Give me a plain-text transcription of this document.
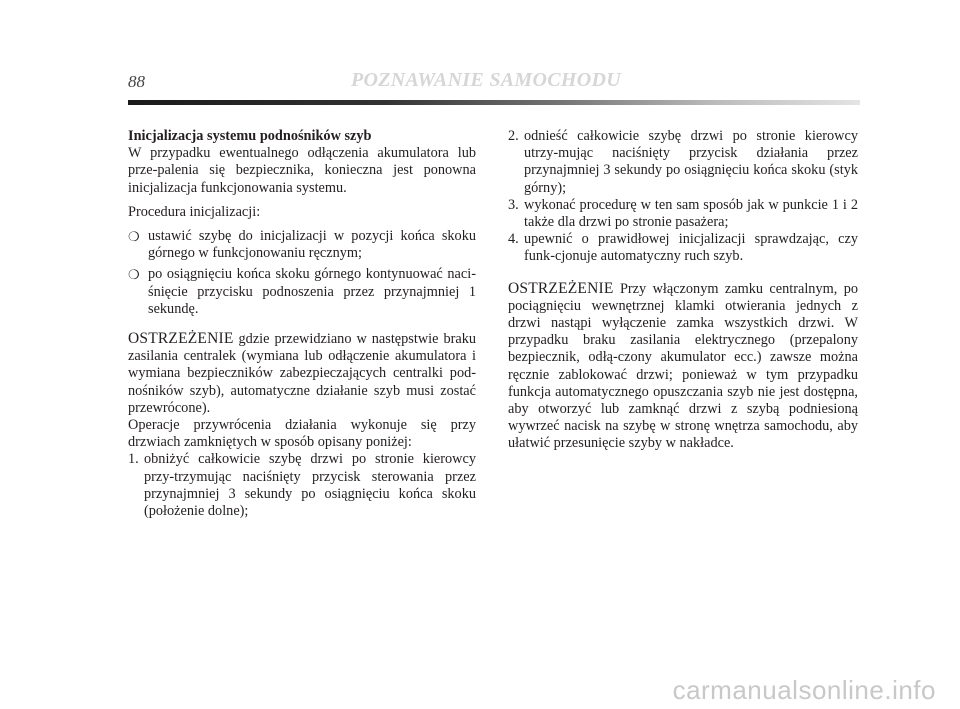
88	POZNAWANIE SAMOCHODU

Inicjalizacja systemu podnośników szyb

W przypadku ewentualnego odłączenia akumulatora lub prze-palenia się bezpiecznika, konieczna jest ponowna inicjalizacja funkcjonowania systemu.

Procedura inicjalizacji:

❍ ustawić szybę do inicjalizacji w pozycji końca skoku górnego w funkcjonowaniu ręcznym;
❍ po osiągnięciu końca skoku górnego kontynuować naci-śnięcie przycisku podnoszenia przez przynajmniej 1 sekundę.

OSTRZEŻENIE gdzie przewidziano w następstwie braku zasilania centralek (wymiana lub odłączenie akumulatora i wymiana bezpieczników zabezpieczających centralki pod-nośników szyb), automatyczne działanie szyb musi zostać przewrócone).

Operacje przywrócenia działania wykonuje się przy drzwiach zamkniętych w sposób opisany poniżej:

1. obniżyć całkowicie szybę drzwi po stronie kierowcy przy-trzymując naciśnięty przycisk sterowania przez przynajmniej 3 sekundy po osiągnięciu końca skoku (położenie dolne);
2. odnieść całkowicie szybę drzwi po stronie kierowcy utrzy-mując naciśnięty przycisk działania przez przynajmniej 3 sekundy po osiągnięciu końca skoku (styk górny);
3. wykonać procedurę w ten sam sposób jak w punkcie 1 i 2 także dla drzwi po stronie pasażera;
4. upewnić o prawidłowej inicjalizacji sprawdzając, czy funk-cjonuje automatyczny ruch szyb.

OSTRZEŻENIE Przy włączonym zamku centralnym, po pociągnięciu wewnętrznej klamki otwierania jednych z drzwi nastąpi wyłączenie zamka wszystkich drzwi. W przypadku braku zasilania elektrycznego (przepalony bezpiecznik, odłą-czony akumulator ecc.) zawsze można ręcznie zablokować drzwi; ponieważ w tym przypadku funkcja automatycznego opuszczania szyb nie jest dostępna, aby otworzyć lub zamknąć drzwi z szybą podniesioną wywrzeć nacisk na szybę w stronę wnętrza samochodu, aby ułatwić przesunięcie szyby w nakładce.

carmanualsonline.info
